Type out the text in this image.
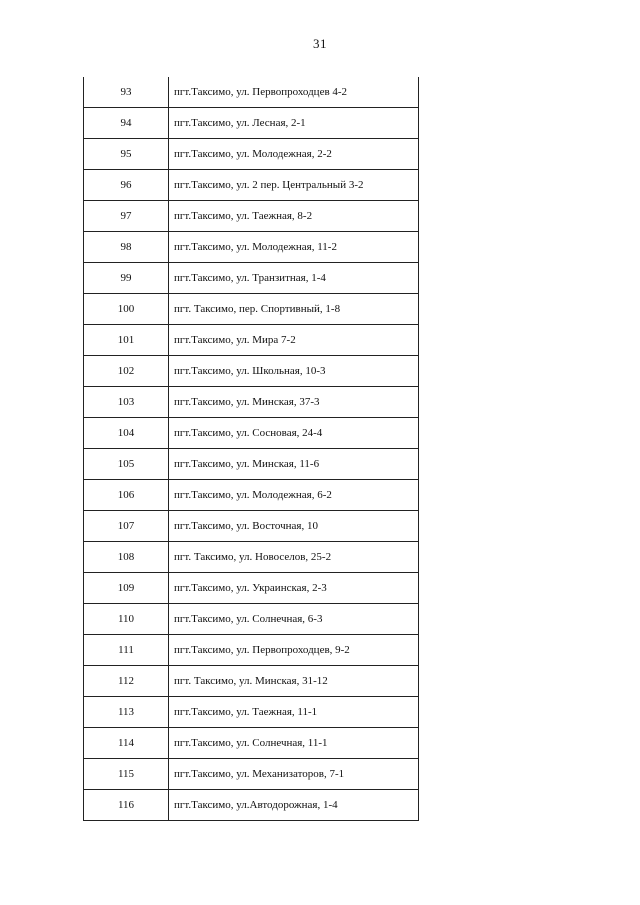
31
93	пгт.Таксимо, ул. Первопроходцев 4-2
94	пгт.Таксимо, ул. Лесная, 2-1
95	пгт.Таксимо, ул. Молодежная, 2-2
96	пгт.Таксимо, ул. 2 пер. Центральный 3-2
97	пгт.Таксимо, ул. Таежная, 8-2
98	пгт.Таксимо, ул. Молодежная, 11-2
99	пгт.Таксимо, ул. Транзитная, 1-4
100	пгт. Таксимо, пер. Спортивный, 1-8
101	пгт.Таксимо, ул. Мира 7-2
102	пгт.Таксимо, ул. Школьная, 10-3
103	пгт.Таксимо, ул. Минская, 37-3
104	пгт.Таксимо, ул. Сосновая, 24-4
105	пгт.Таксимо, ул. Минская, 11-6
106	пгт.Таксимо, ул. Молодежная, 6-2
107	пгт.Таксимо, ул. Восточная, 10
108	пгт. Таксимо, ул. Новоселов, 25-2
109	пгт.Таксимо, ул. Украинская, 2-3
110	пгт.Таксимо, ул. Солнечная, 6-3
111	пгт.Таксимо, ул. Первопроходцев, 9-2
112	пгт. Таксимо, ул. Минская, 31-12
113	пгт.Таксимо, ул. Таежная, 11-1
114	пгт.Таксимо, ул. Солнечная, 11-1
115	пгт.Таксимо, ул. Механизаторов, 7-1
116	пгт.Таксимо, ул.Автодорожная, 1-4
